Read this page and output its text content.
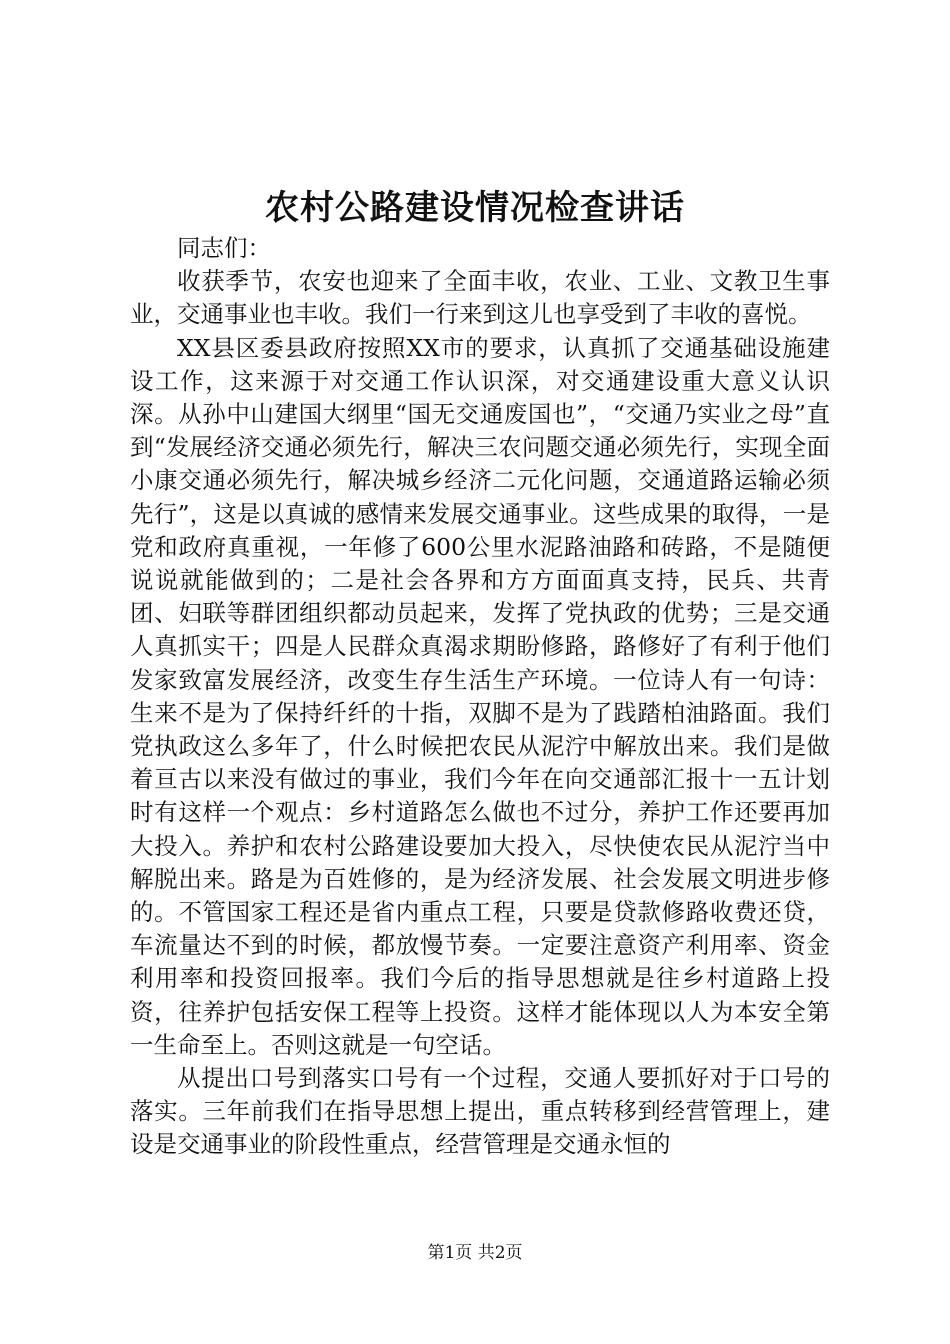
农村公路建设情况检查讲话

同志们：

收获季节，农安也迎来了全面丰收，农业、工业、文教卫生事业，交通事业也丰收。我们一行来到这儿也享受到了丰收的喜悦。

XX县区委县政府按照XX市的要求，认真抓了交通基础设施建设工作，这来源于对交通工作认识深，对交通建设重大意义认识深。从孙中山建国大纲里“国无交通废国也”，“交通乃实业之母”直到“发展经济交通必须先行，解决三农问题交通必须先行，实现全面小康交通必须先行，解决城乡经济二元化问题，交通道路运输必须先行”，这是以真诚的感情来发展交通事业。这些成果的取得，一是党和政府真重视，一年修了600公里水泥路油路和砖路，不是随便说说就能做到的；二是社会各界和方方面面真支持，民兵、共青团、妇联等群团组织都动员起来，发挥了党执政的优势；三是交通人真抓实干；四是人民群众真渴求期盼修路，路修好了有利于他们发家致富发展经济，改变生存生活生产环境。一位诗人有一句诗：生来不是为了保持纤纤的十指，双脚不是为了践踏柏油路面。我们党执政这么多年了，什么时候把农民从泥泞中解放出来。我们是做着亘古以来没有做过的事业，我们今年在向交通部汇报十一五计划时有这样一个观点：乡村道路怎么做也不过分，养护工作还要再加大投入。养护和农村公路建设要加大投入，尽快使农民从泥泞当中解脱出来。路是为百姓修的，是为经济发展、社会发展文明进步修的。不管国家工程还是省内重点工程，只要是贷款修路收费还贷，车流量达不到的时候，都放慢节奏。一定要注意资产利用率、资金利用率和投资回报率。我们今后的指导思想就是往乡村道路上投资，往养护包括安保工程等上投资。这样才能体现以人为本安全第一生命至上。否则这就是一句空话。

从提出口号到落实口号有一个过程，交通人要抓好对于口号的落实。三年前我们在指导思想上提出，重点转移到经营管理上，建设是交通事业的阶段性重点，经营管理是交通永恒的

第1页 共2页
